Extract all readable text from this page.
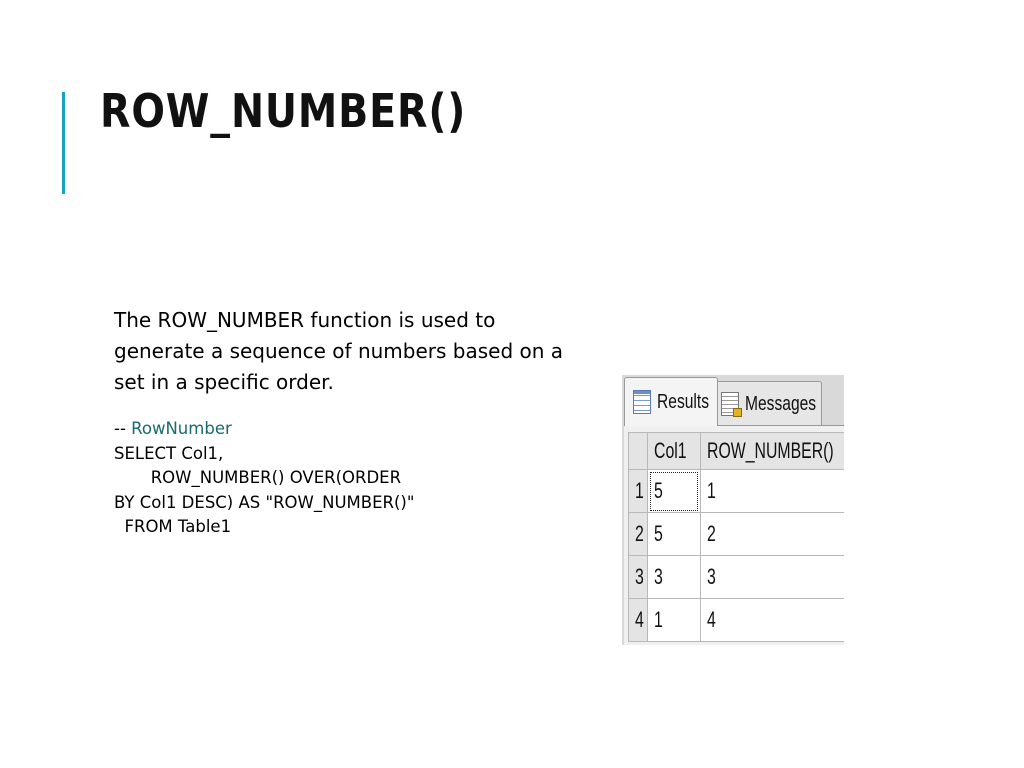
ROW_NUMBER()

The ROW_NUMBER function is used to generate a sequence of numbers based on a set in a specific order.

-- RowNumber
SELECT Col1,
ROW_NUMBER() OVER(ORDER
BY Col1 DESC) AS "ROW_NUMBER()"
FROM Table1
Results Messages
	Col1	ROW_NUMBER()
1	5	1
2	5	2
3	3	3
4	1	4
